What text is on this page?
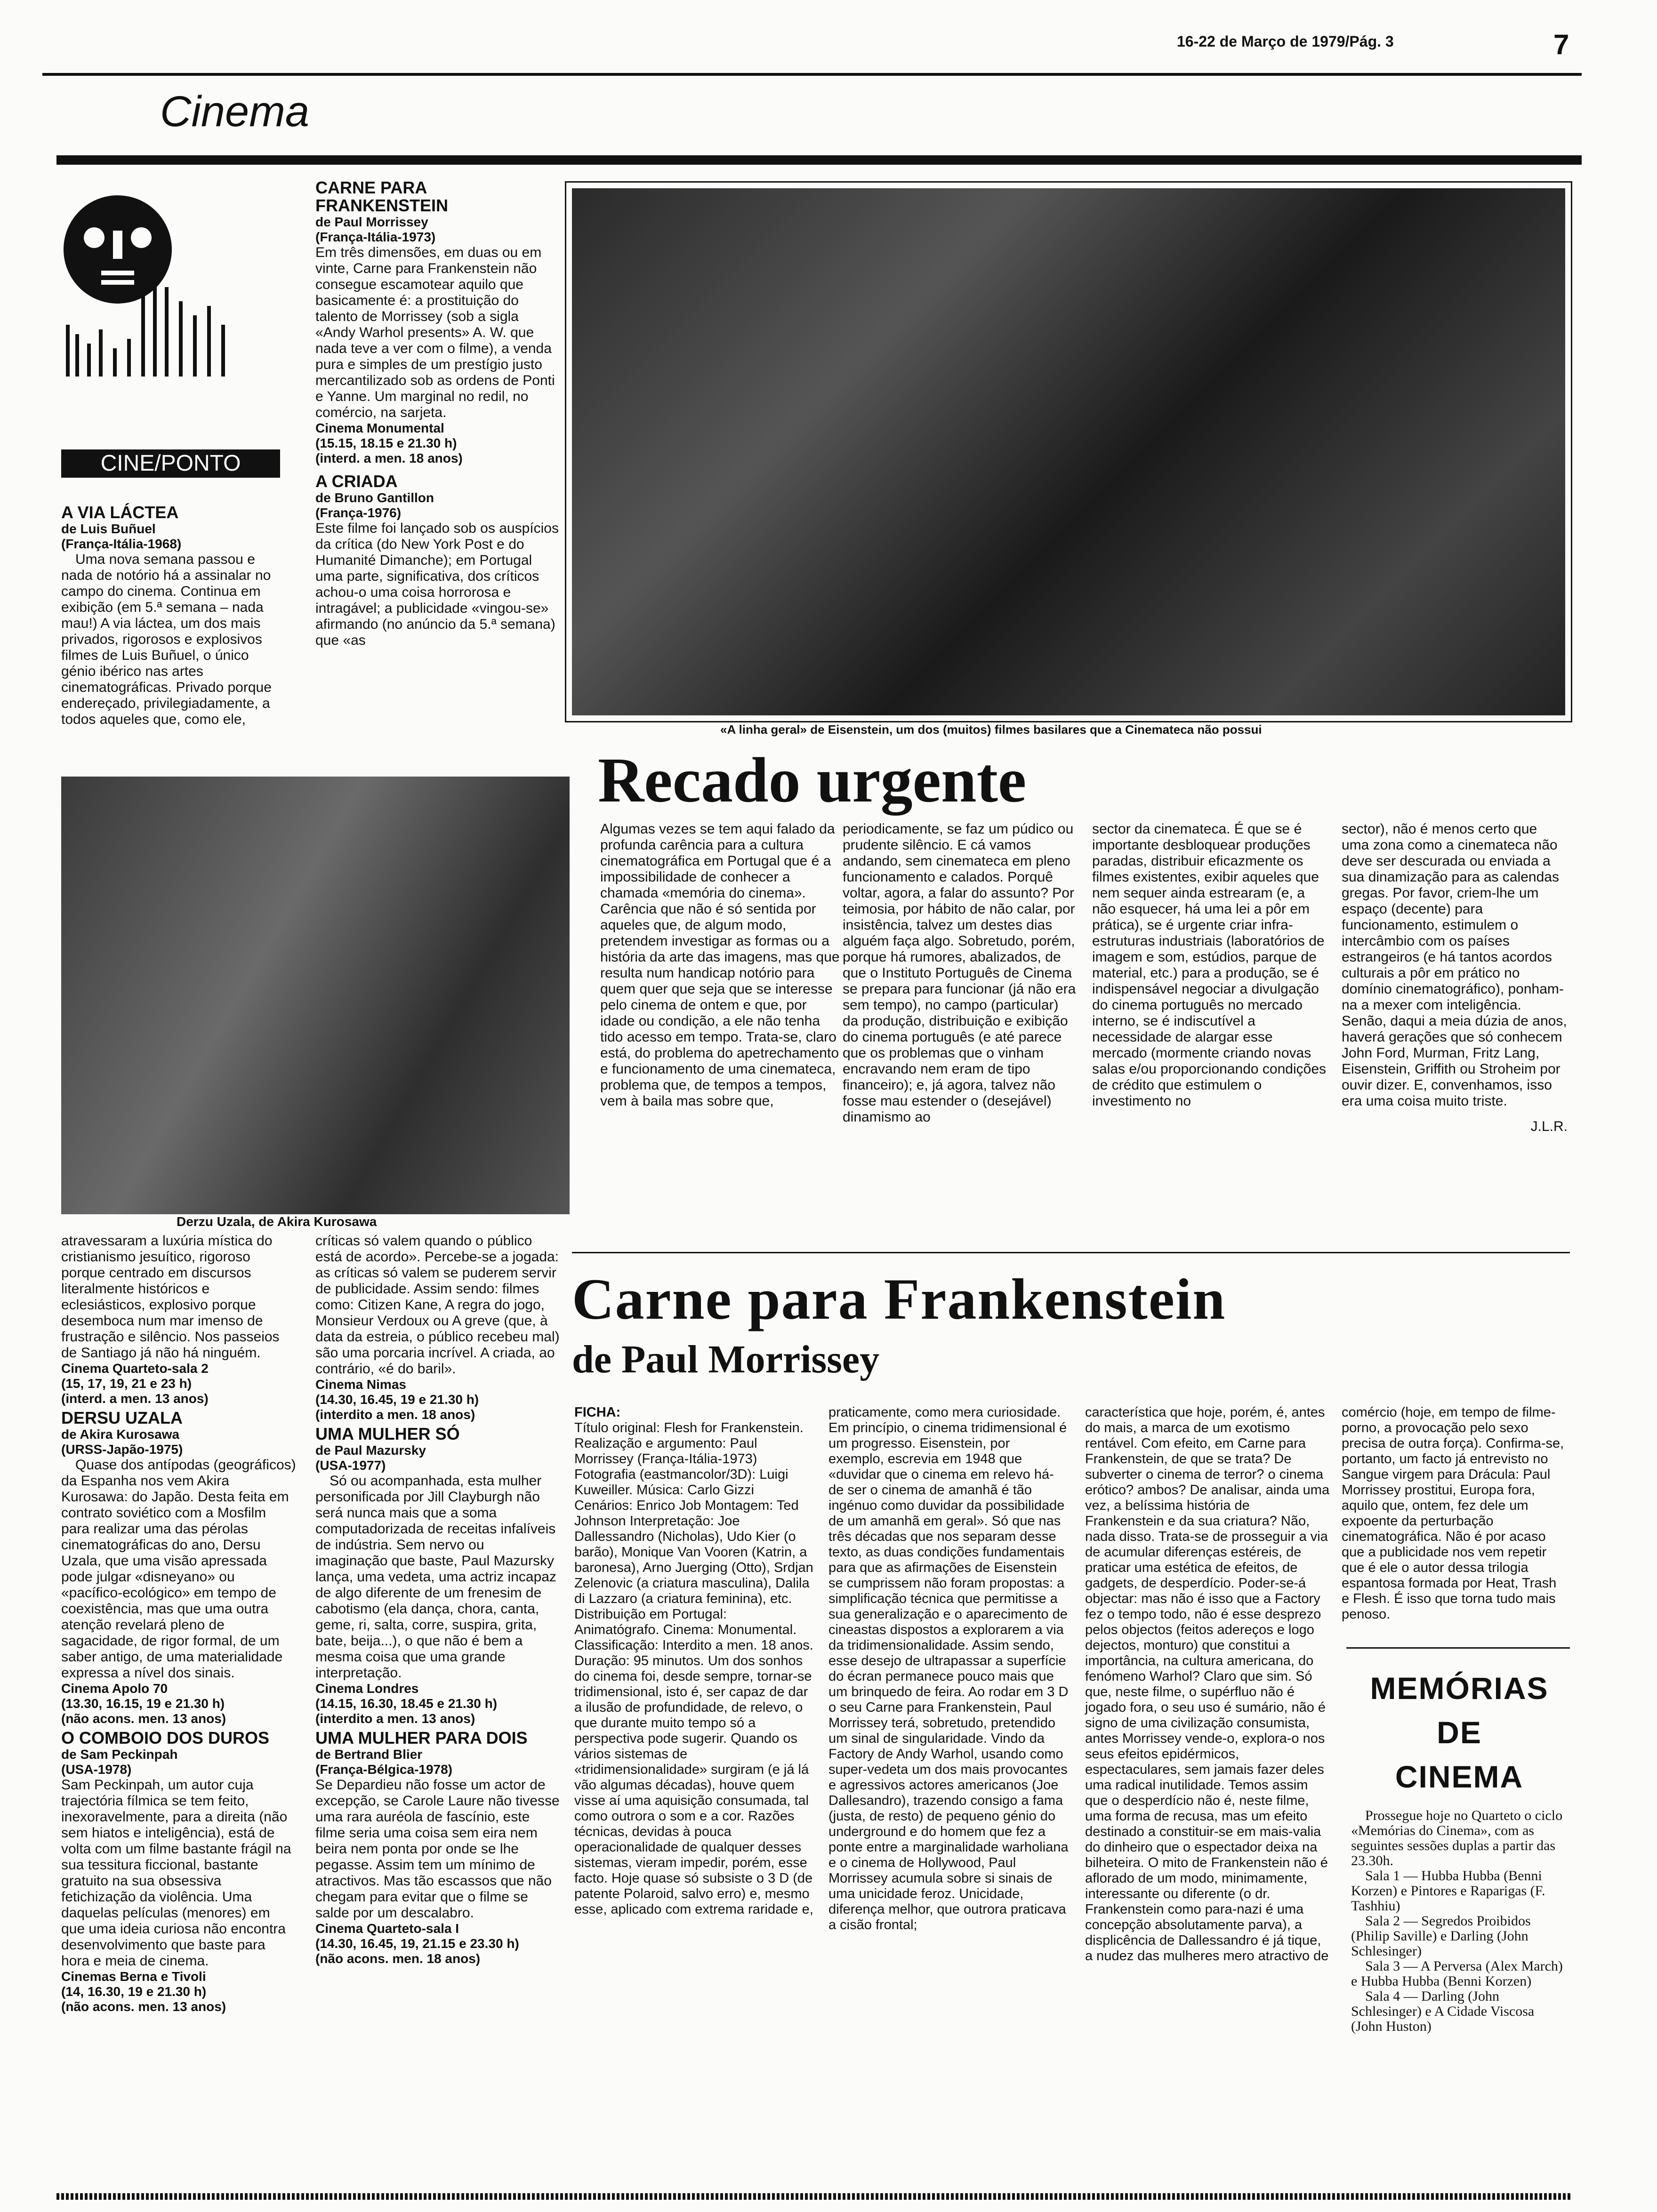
16-22 de Março de 1979/Pág. 3	7
Cinema
CINE/PONTO
A VIA LÁCTEA
de Luis Buñuel
(França-Itália-1968)

Uma nova semana passou e nada de notório há a assinalar no campo do cinema. Continua em exibição (em 5.ª semana – nada mau!) A via láctea, um dos mais privados, rigorosos e explosivos filmes de Luis Buñuel, o único génio ibérico nas artes cinematográficas. Privado porque endereçado, privilegiadamente, a todos aqueles que, como ele,

CARNE PARA FRANKENSTEIN
de Paul Morrissey
(França-Itália-1973)

Em três dimensões, em duas ou em vinte, Carne para Frankenstein não consegue escamotear aquilo que basicamente é: a prostituição do talento de Morrissey (sob a sigla «Andy Warhol presents» A. W. que nada teve a ver com o filme), a venda pura e simples de um prestígio justo mercantilizado sob as ordens de Ponti e Yanne. Um marginal no redil, no comércio, na sarjeta.

Cinema Monumental
(15.15, 18.15 e 21.30 h)
(interd. a men. 18 anos)
A CRIADA
de Bruno Gantillon
(França-1976)

Este filme foi lançado sob os auspícios da crítica (do New York Post e do Humanité Dimanche); em Portugal uma parte, significativa, dos críticos achou-o uma coisa horrorosa e intragável; a publicidade «vingou-se» afirmando (no anúncio da 5.ª semana) que «as

«A linha geral» de Eisenstein, um dos (muitos) filmes basilares que a Cinemateca não possui
Recado urgente
Algumas vezes se tem aqui falado da profunda carência para a cultura cinematográfica em Portugal que é a impossibilidade de conhecer a chamada «memória do cinema». Carência que não é só sentida por aqueles que, de algum modo, pretendem investigar as formas ou a história da arte das imagens, mas que resulta num handicap notório para quem quer que seja que se interesse pelo cinema de ontem e que, por idade ou condição, a ele não tenha tido acesso em tempo. Trata-se, claro está, do problema do apetrechamento e funcionamento de uma cinemateca, problema que, de tempos a tempos, vem à baila mas sobre que,
periodicamente, se faz um púdico ou prudente silêncio. E cá vamos andando, sem cinemateca em pleno funcionamento e calados. Porquê voltar, agora, a falar do assunto? Por teimosia, por hábito de não calar, por insistência, talvez um destes dias alguém faça algo. Sobretudo, porém, porque há rumores, abalizados, de que o Instituto Português de Cinema se prepara para funcionar (já não era sem tempo), no campo (particular) da produção, distribuição e exibição do cinema português (e até parece que os problemas que o vinham encravando nem eram de tipo financeiro); e, já agora, talvez não fosse mau estender o (desejável) dinamismo ao
sector da cinemateca. É que se é importante desbloquear produções paradas, distribuir eficazmente os filmes existentes, exibir aqueles que nem sequer ainda estrearam (e, a não esquecer, há uma lei a pôr em prática), se é urgente criar infra-estruturas industriais (laboratórios de imagem e som, estúdios, parque de material, etc.) para a produção, se é indispensável negociar a divulgação do cinema português no mercado interno, se é indiscutível a necessidade de alargar esse mercado (mormente criando novas salas e/ou proporcionando condições de crédito que estimulem o investimento no

sector), não é menos certo que uma zona como a cinemateca não deve ser descurada ou enviada a sua dinamização para as calendas gregas. Por favor, criem-lhe um espaço (decente) para funcionamento, estimulem o intercâmbio com os países estrangeiros (e há tantos acordos culturais a pôr em prático no domínio cinematográfico), ponham-na a mexer com inteligência. Senão, daqui a meia dúzia de anos, haverá gerações que só conhecem John Ford, Murman, Fritz Lang, Eisenstein, Griffith ou Stroheim por ouvir dizer. E, convenhamos, isso era uma coisa muito triste.

J.L.R.

Derzu Uzala, de Akira Kurosawa

atravessaram a luxúria mística do cristianismo jesuítico, rigoroso porque centrado em discursos literalmente históricos e eclesiásticos, explosivo porque desemboca num mar imenso de frustração e silêncio. Nos passeios de Santiago já não há ninguém.

Cinema Quarteto-sala 2
(15, 17, 19, 21 e 23 h)
(interd. a men. 13 anos)
DERSU UZALA
de Akira Kurosawa
(URSS-Japão-1975)

Quase dos antípodas (geográficos) da Espanha nos vem Akira Kurosawa: do Japão. Desta feita em contrato soviético com a Mosfilm para realizar uma das pérolas cinematográficas do ano, Dersu Uzala, que uma visão apressada pode julgar «disneyano» ou «pacífico-ecológico» em tempo de coexistência, mas que uma outra atenção revelará pleno de sagacidade, de rigor formal, de um saber antigo, de uma materialidade expressa a nível dos sinais.

Cinema Apolo 70
(13.30, 16.15, 19 e 21.30 h)
(não acons. men. 13 anos)
O COMBOIO DOS DUROS
de Sam Peckinpah
(USA-1978)

Sam Peckinpah, um autor cuja trajectória fílmica se tem feito, inexoravelmente, para a direita (não sem hiatos e inteligência), está de volta com um filme bastante frágil na sua tessitura ficcional, bastante gratuito na sua obsessiva fetichização da violência. Uma daquelas películas (menores) em que uma ideia curiosa não encontra desenvolvimento que baste para hora e meia de cinema.

Cinemas Berna e Tivoli
(14, 16.30, 19 e 21.30 h)
(não acons. men. 13 anos)

críticas só valem quando o público está de acordo». Percebe-se a jogada: as críticas só valem se puderem servir de publicidade. Assim sendo: filmes como: Citizen Kane, A regra do jogo, Monsieur Verdoux ou A greve (que, à data da estreia, o público recebeu mal) são uma porcaria incrível. A criada, ao contrário, «é do baril».

Cinema Nimas
(14.30, 16.45, 19 e 21.30 h)
(interdito a men. 18 anos)
UMA MULHER SÓ
de Paul Mazursky
(USA-1977)

Só ou acompanhada, esta mulher personificada por Jill Clayburgh não será nunca mais que a soma computadorizada de receitas infalíveis de indústria. Sem nervo ou imaginação que baste, Paul Mazursky lança, uma vedeta, uma actriz incapaz de algo diferente de um frenesim de cabotismo (ela dança, chora, canta, geme, ri, salta, corre, suspira, grita, bate, beija...), o que não é bem a mesma coisa que uma grande interpretação.

Cinema Londres
(14.15, 16.30, 18.45 e 21.30 h)
(interdito a men. 13 anos)
UMA MULHER PARA DOIS
de Bertrand Blier
(França-Bélgica-1978)

Se Depardieu não fosse um actor de excepção, se Carole Laure não tivesse uma rara auréola de fascínio, este filme seria uma coisa sem eira nem beira nem ponta por onde se lhe pegasse. Assim tem um mínimo de atractivos. Mas tão escassos que não chegam para evitar que o filme se salde por um descalabro.

Cinema Quarteto-sala I
(14.30, 16.45, 19, 21.15 e 23.30 h)
(não acons. men. 18 anos)
Carne para Frankenstein
de Paul Morrissey
FICHA:

Título original: Flesh for Frankenstein. Realização e argumento: Paul Morrissey (França-Itália-1973) Fotografia (eastmancolor/3D): Luigi Kuweiller. Música: Carlo Gizzi Cenários: Enrico Job Montagem: Ted Johnson Interpretação: Joe Dallessandro (Nicholas), Udo Kier (o barão), Monique Van Vooren (Katrin, a baronesa), Arno Juerging (Otto), Srdjan Zelenovic (a criatura masculina), Dalila di Lazzaro (a criatura feminina), etc. Distribuição em Portugal: Animatógrafo. Cinema: Monumental. Classificação: Interdito a men. 18 anos. Duração: 95 minutos. Um dos sonhos do cinema foi, desde sempre, tornar-se tridimensional, isto é, ser capaz de dar a ilusão de profundidade, de relevo, o que durante muito tempo só a perspectiva pode sugerir. Quando os vários sistemas de «tridimensionalidade» surgiram (e já lá vão algumas décadas), houve quem visse aí uma aquisição consumada, tal como outrora o som e a cor. Razões técnicas, devidas à pouca operacionalidade de qualquer desses sistemas, vieram impedir, porém, esse facto. Hoje quase só subsiste o 3 D (de patente Polaroid, salvo erro) e, mesmo esse, aplicado com extrema raridade e,

praticamente, como mera curiosidade. Em princípio, o cinema tridimensional é um progresso. Eisenstein, por exemplo, escrevia em 1948 que «duvidar que o cinema em relevo há-de ser o cinema de amanhã é tão ingénuo como duvidar da possibilidade de um amanhã em geral». Só que nas três décadas que nos separam desse texto, as duas condições fundamentais para que as afirmações de Eisenstein se cumprissem não foram propostas: a simplificação técnica que permitisse a sua generalização e o aparecimento de cineastas dispostos a explorarem a via da tridimensionalidade. Assim sendo, esse desejo de ultrapassar a superfície do écran permanece pouco mais que um brinquedo de feira. Ao rodar em 3 D o seu Carne para Frankenstein, Paul Morrissey terá, sobretudo, pretendido um sinal de singularidade. Vindo da Factory de Andy Warhol, usando como super-vedeta um dos mais provocantes e agressivos actores americanos (Joe Dallesandro), trazendo consigo a fama (justa, de resto) de pequeno génio do underground e do homem que fez a ponte entre a marginalidade warholiana e o cinema de Hollywood, Paul Morrissey acumula sobre si sinais de uma unicidade feroz. Unicidade, diferença melhor, que outrora praticava a cisão frontal;
característica que hoje, porém, é, antes do mais, a marca de um exotismo rentável. Com efeito, em Carne para Frankenstein, de que se trata? De subverter o cinema de terror? o cinema erótico? ambos? De analisar, ainda uma vez, a belíssima história de Frankenstein e da sua criatura? Não, nada disso. Trata-se de prosseguir a via de acumular diferenças estéreis, de praticar uma estética de efeitos, de gadgets, de desperdício. Poder-se-á objectar: mas não é isso que a Factory fez o tempo todo, não é esse desprezo pelos objectos (feitos adereços e logo dejectos, monturo) que constitui a importância, na cultura americana, do fenómeno Warhol? Claro que sim. Só que, neste filme, o supérfluo não é jogado fora, o seu uso é sumário, não é signo de uma civilização consumista, antes Morrissey vende-o, explora-o nos seus efeitos epidérmicos, espectaculares, sem jamais fazer deles uma radical inutilidade. Temos assim que o desperdício não é, neste filme, uma forma de recusa, mas um efeito destinado a constituir-se em mais-valia do dinheiro que o espectador deixa na bilheteira. O mito de Frankenstein não é aflorado de um modo, minimamente, interessante ou diferente (o dr. Frankenstein como para-nazi é uma concepção absolutamente parva), a displicência de Dallessandro é já tique, a nudez das mulheres mero atractivo de
comércio (hoje, em tempo de filme-porno, a provocação pelo sexo precisa de outra força). Confirma-se, portanto, um facto já entrevisto no Sangue virgem para Drácula: Paul Morrissey prostitui, Europa fora, aquilo que, ontem, fez dele um expoente da perturbação cinematográfica. Não é por acaso que a publicidade nos vem repetir que é ele o autor dessa trilogia espantosa formada por Heat, Trash e Flesh. É isso que torna tudo mais penoso.
MEMÓRIAS
DE
CINEMA
Prossegue hoje no Quarteto o ciclo «Memórias do Cinema», com as seguintes sessões duplas a partir das 23.30h.
Sala 1 — Hubba Hubba (Benni Korzen) e Pintores e Raparigas (F. Tashhiu)
Sala 2 — Segredos Proibidos (Philip Saville) e Darling (John Schlesinger)
Sala 3 — A Perversa (Alex March) e Hubba Hubba (Benni Korzen)
Sala 4 — Darling (John Schlesinger) e A Cidade Viscosa (John Huston)
